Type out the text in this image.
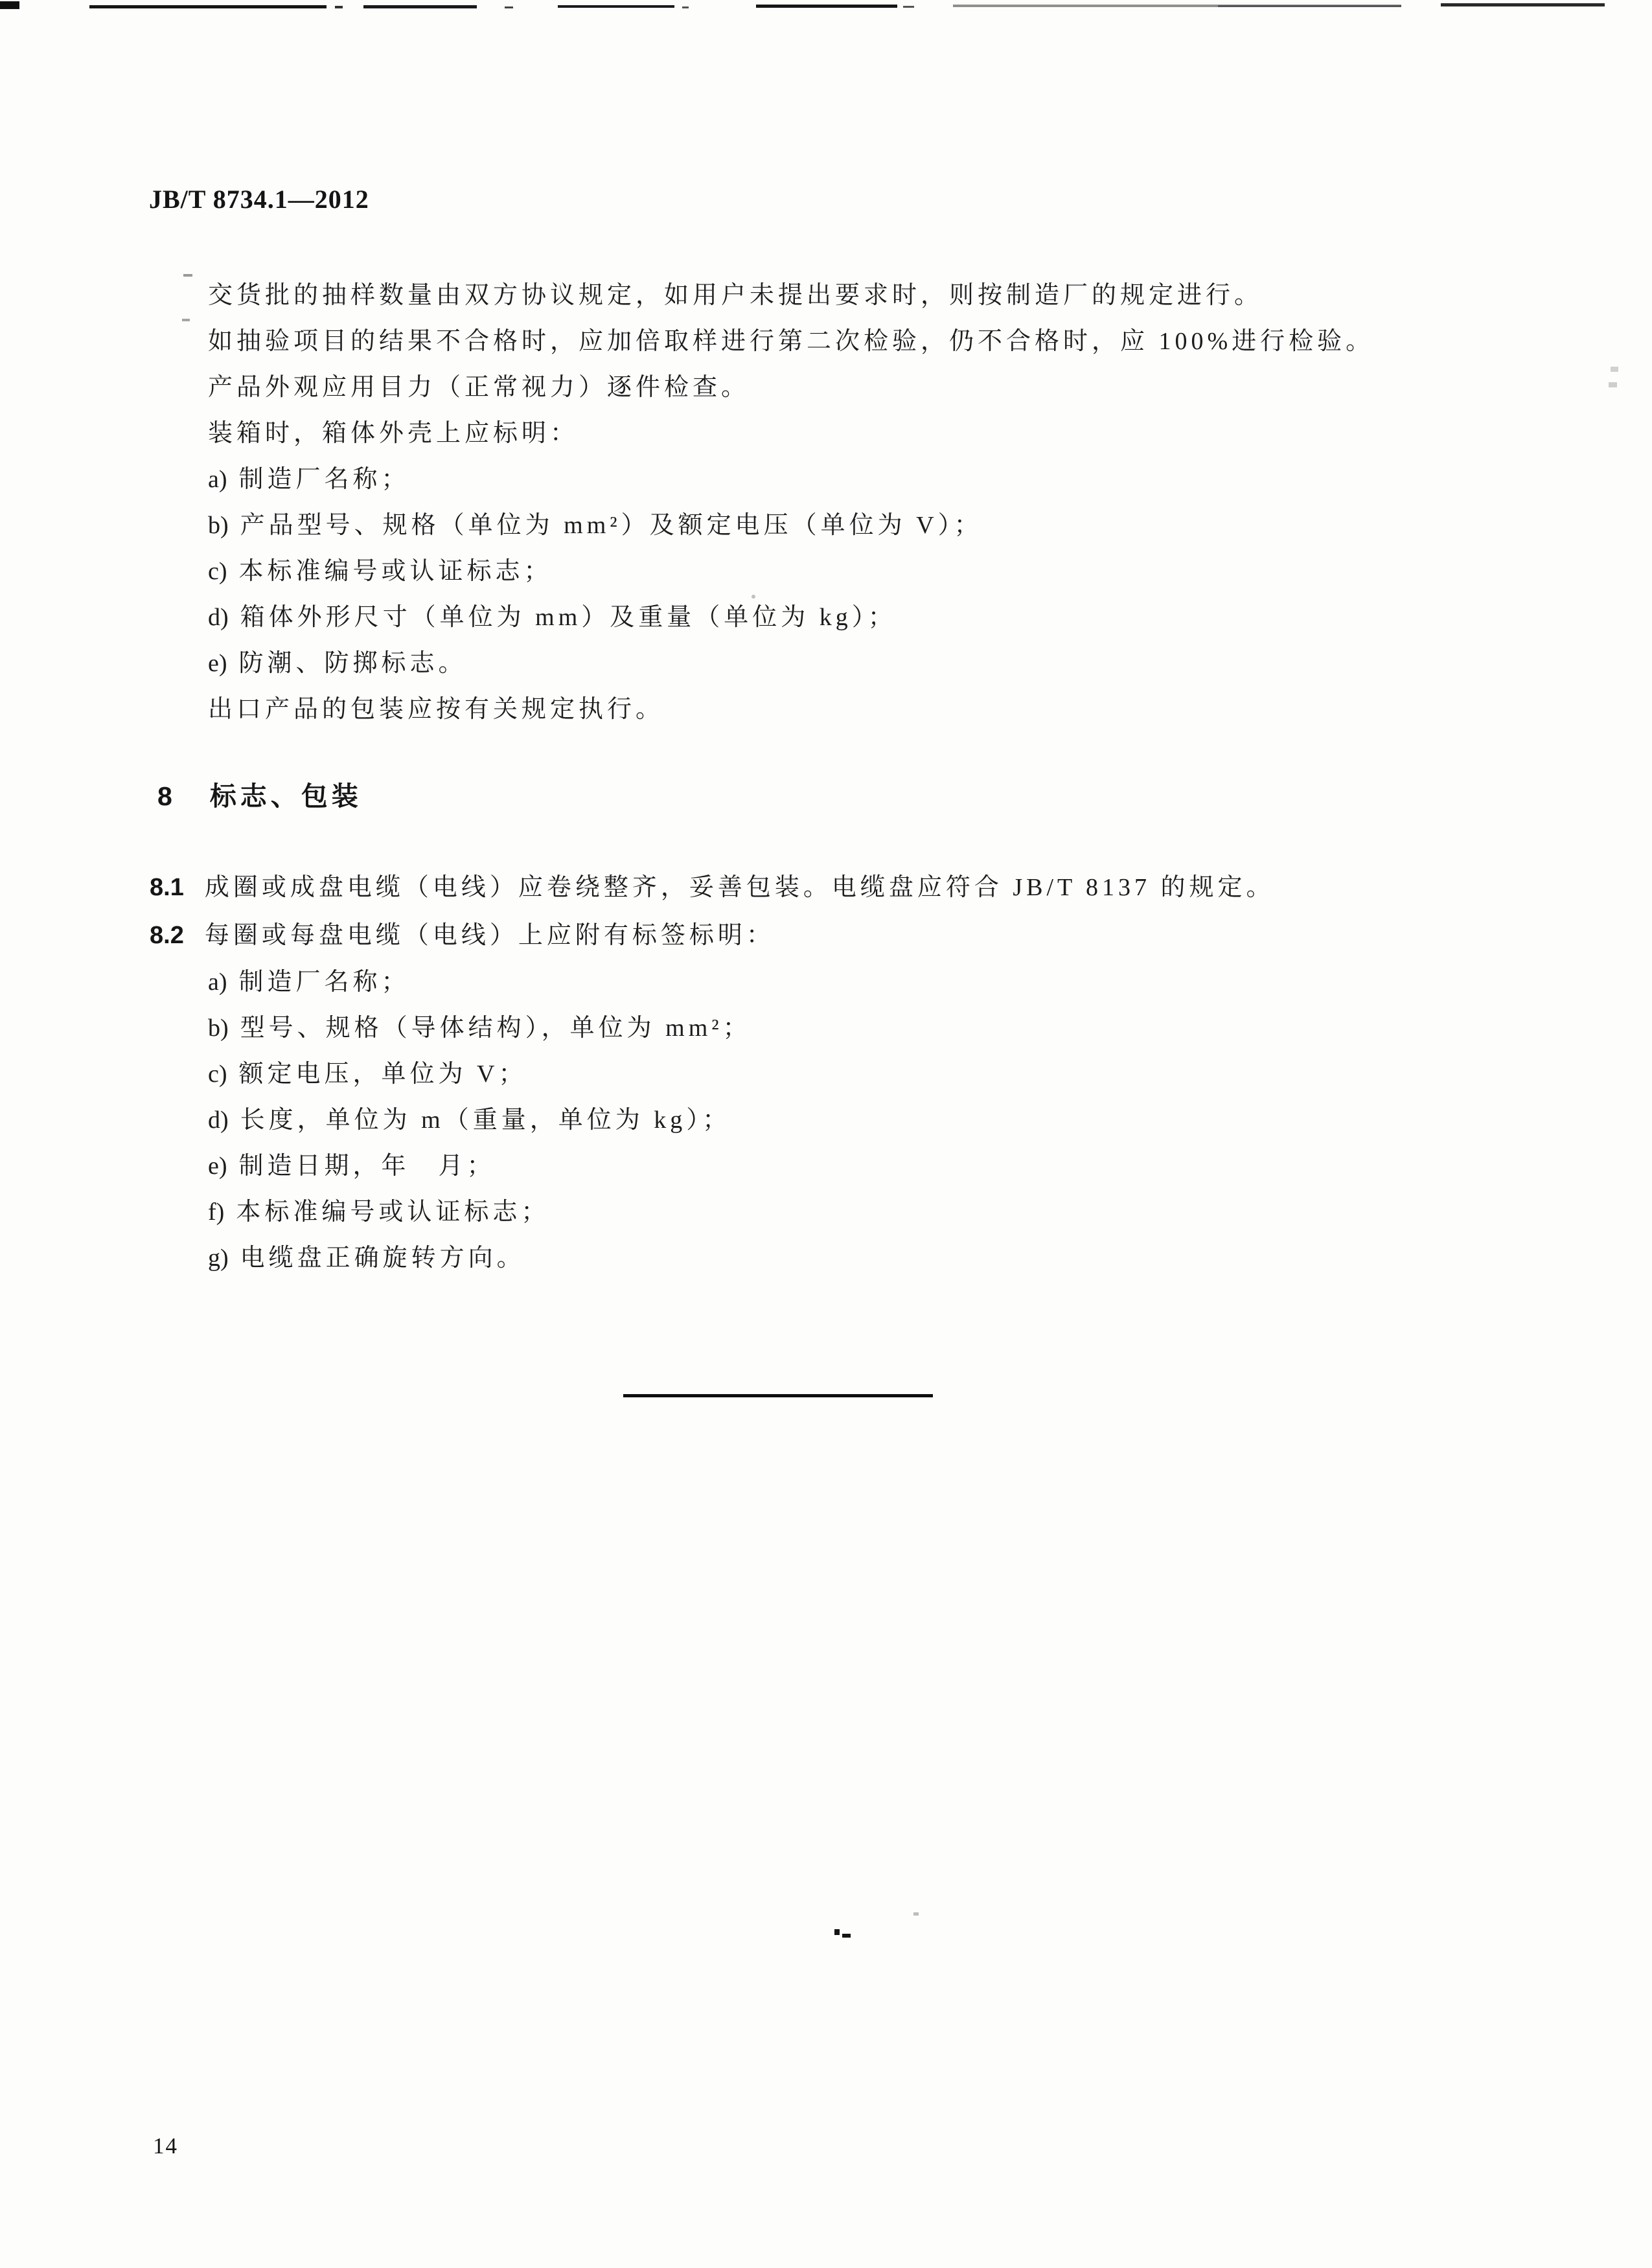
JB/T 8734.1—2012
交货批的抽样数量由双方协议规定，如用户未提出要求时，则按制造厂的规定进行。
如抽验项目的结果不合格时，应加倍取样进行第二次检验，仍不合格时，应 100%进行检验。
产品外观应用目力（正常视力）逐件检查。
装箱时，箱体外壳上应标明：
a) 制造厂名称；
b) 产品型号、规格（单位为 mm²）及额定电压（单位为 V）；
c) 本标准编号或认证标志；
d) 箱体外形尺寸（单位为 mm）及重量（单位为 kg）；
e) 防潮、防掷标志。
出口产品的包装应按有关规定执行。
8 标志、包装
8.1 成圈或成盘电缆（电线）应卷绕整齐，妥善包装。电缆盘应符合 JB/T 8137 的规定。
8.2 每圈或每盘电缆（电线）上应附有标签标明：
a) 制造厂名称；
b) 型号、规格（导体结构），单位为 mm²；
c) 额定电压，单位为 V；
d) 长度，单位为 m（重量，单位为 kg）；
e) 制造日期，年　月；
f) 本标准编号或认证标志；
g) 电缆盘正确旋转方向。
14
